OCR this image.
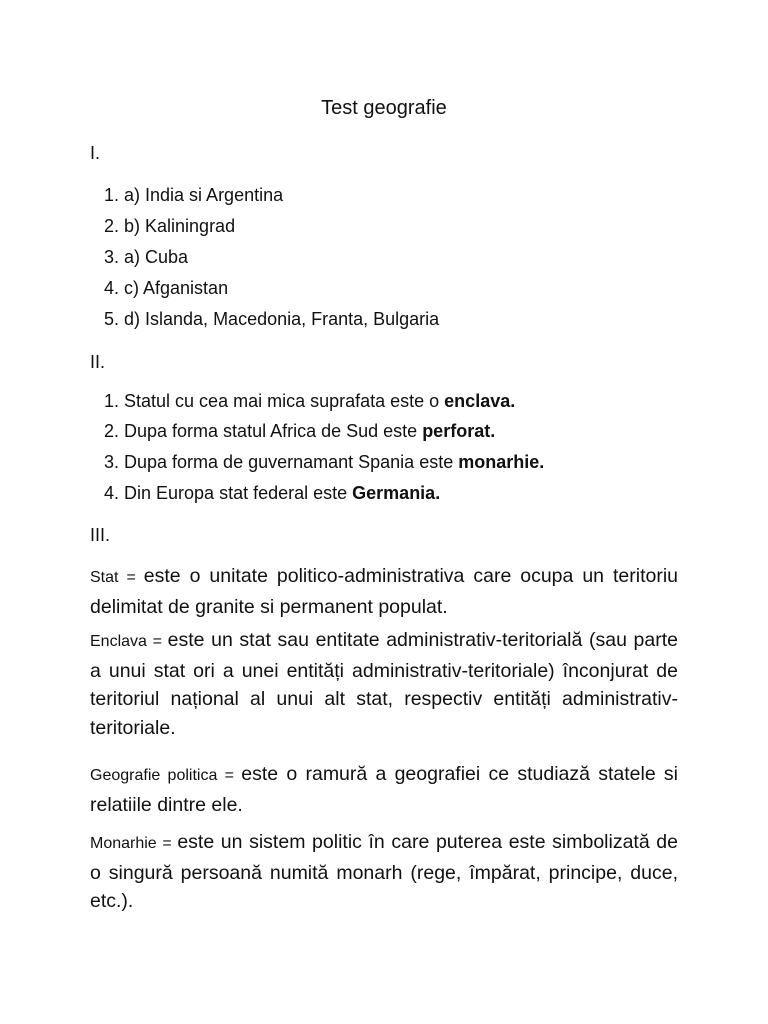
Test geografie
I.
1. a) India si Argentina
2. b) Kaliningrad
3. a) Cuba
4. c) Afganistan
5. d) Islanda, Macedonia, Franta, Bulgaria
II.
1. Statul cu cea mai mica suprafata este o enclava.
2. Dupa forma statul Africa de Sud este perforat.
3. Dupa forma de guvernamant Spania este monarhie.
4. Din Europa stat federal este Germania.
III.
Stat = este o unitate politico-administrativa care ocupa un teritoriu delimitat de granite si permanent populat.
Enclava = este un stat sau entitate administrativ-teritorială (sau parte a unui stat ori a unei entități administrativ-teritoriale) înconjurat de teritoriul național al unui alt stat, respectiv entități administrativ-teritoriale.
Geografie politica = este o ramură a geografiei ce studiază statele si relatiile dintre ele.
Monarhie = este un sistem politic în care puterea este simbolizată de o singură persoană numită monarh (rege, împărat, principe, duce, etc.).
